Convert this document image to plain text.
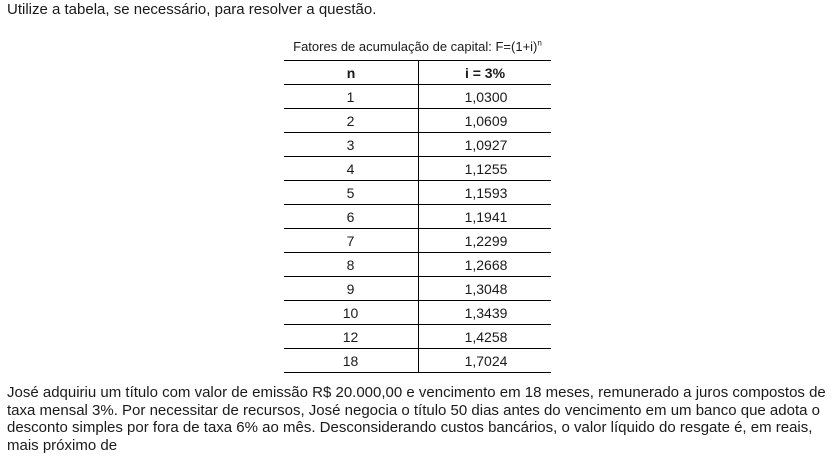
Utilize a tabela, se necessário, para resolver a questão.
Fatores de acumulação de capital: $F=(1+i)^n$
n	i = 3%
1	1,0300
2	1,0609
3	1,0927
4	1,1255
5	1,1593
6	1,1941
7	1,2299
8	1,2668
9	1,3048
10	1,3439
12	1,4258
18	1,7024
José adquiriu um título com valor de emissão R$ 20.000,00 e vencimento em 18 meses, remunerado a juros compostos de taxa mensal 3%. Por necessitar de recursos, José negocia o título 50 dias antes do vencimento em um banco que adota o desconto simples por fora de taxa 6% ao mês. Desconsiderando custos bancários, o valor líquido do resgate é, em reais, mais próximo de
